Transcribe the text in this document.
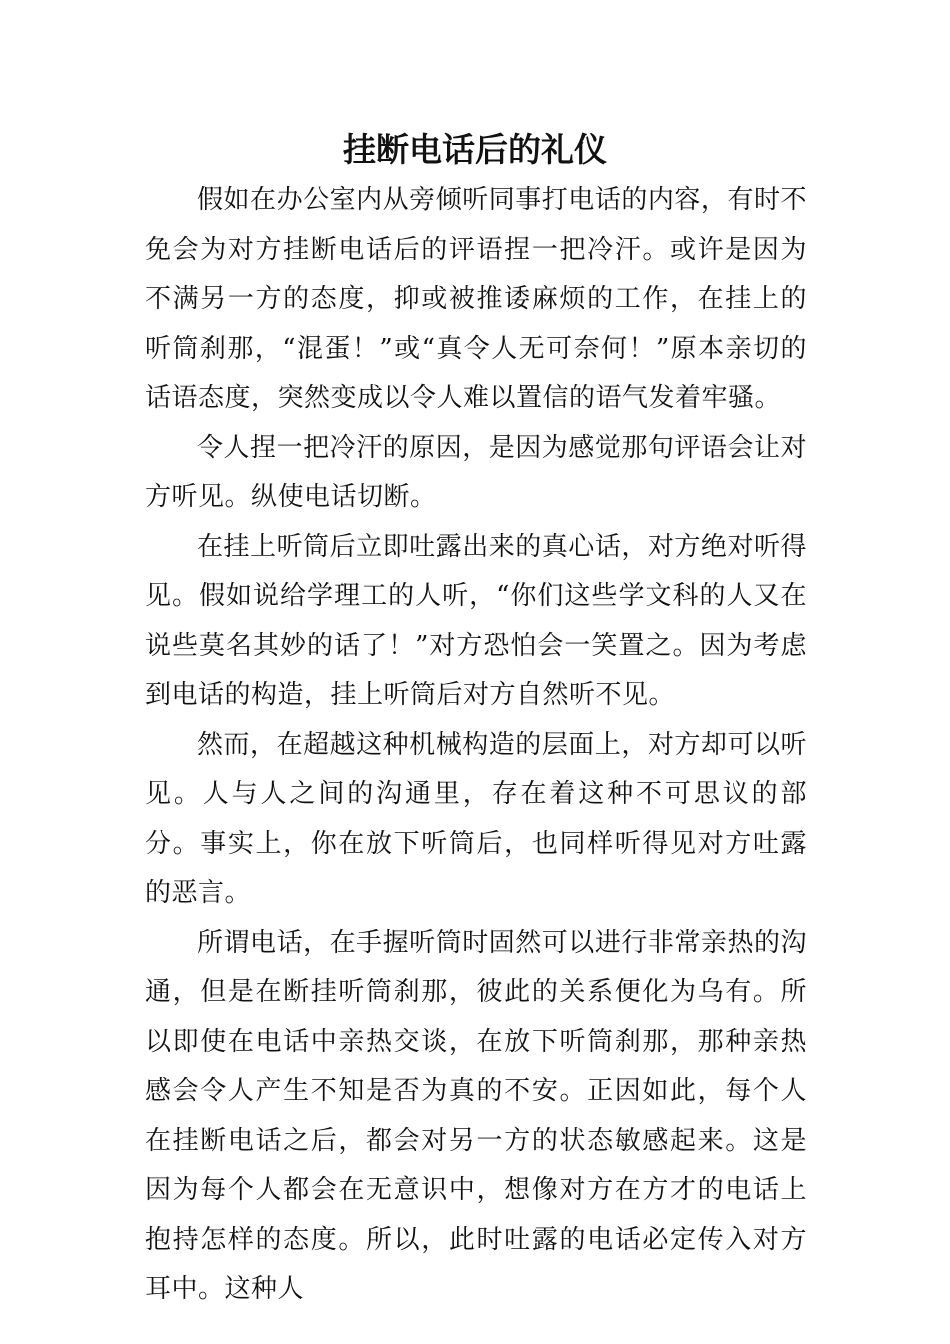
挂断电话后的礼仪

假如在办公室内从旁倾听同事打电话的内容，有时不免会为对方挂断电话后的评语捏一把冷汗。或许是因为不满另一方的态度，抑或被推诿麻烦的工作，在挂上的听筒刹那，“混蛋！”或“真令人无可奈何！”原本亲切的话语态度，突然变成以令人难以置信的语气发着牢骚。

令人捏一把冷汗的原因，是因为感觉那句评语会让对方听见。纵使电话切断。

在挂上听筒后立即吐露出来的真心话，对方绝对听得见。假如说给学理工的人听，“你们这些学文科的人又在说些莫名其妙的话了！”对方恐怕会一笑置之。因为考虑到电话的构造，挂上听筒后对方自然听不见。

然而，在超越这种机械构造的层面上，对方却可以听见。人与人之间的沟通里，存在着这种不可思议的部分。事实上，你在放下听筒后，也同样听得见对方吐露的恶言。

所谓电话，在手握听筒时固然可以进行非常亲热的沟通，但是在断挂听筒刹那，彼此的关系便化为乌有。所以即使在电话中亲热交谈，在放下听筒刹那，那种亲热感会令人产生不知是否为真的不安。正因如此，每个人在挂断电话之后，都会对另一方的状态敏感起来。这是因为每个人都会在无意识中，想像对方在方才的电话上抱持怎样的态度。所以，此时吐露的电话必定传入对方耳中。这种人
